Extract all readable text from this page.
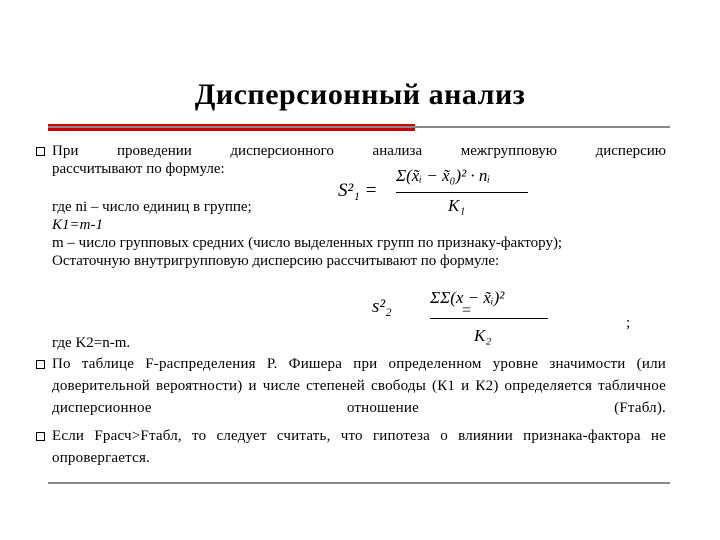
Дисперсионный анализ
При проведении дисперсионного анализа межгрупповую дисперсию
рассчитывают по формуле:
S²₁ =
Σ(x̃ᵢ − x̃₀)² · nᵢ
K₁
где ni – число единиц в группе;
K1=m-1
m – число групповых средних (число выделенных групп по признаку-фактору);
Остаточную внутригрупповую дисперсию рассчитывают по формуле:
s²₂ ΣΣ(x − x̃ᵢ)²
=
K₂
;
где K2=n-m.
По таблице F-распределения Р. Фишера при определенном уровне значимости (или доверительной вероятности) и числе степеней свободы (К1 и К2) определяется табличное дисперсионное отношение (Fтабл).
Если Fрасч>Fтабл, то следует считать, что гипотеза о влиянии признака-фактора не опровергается.
